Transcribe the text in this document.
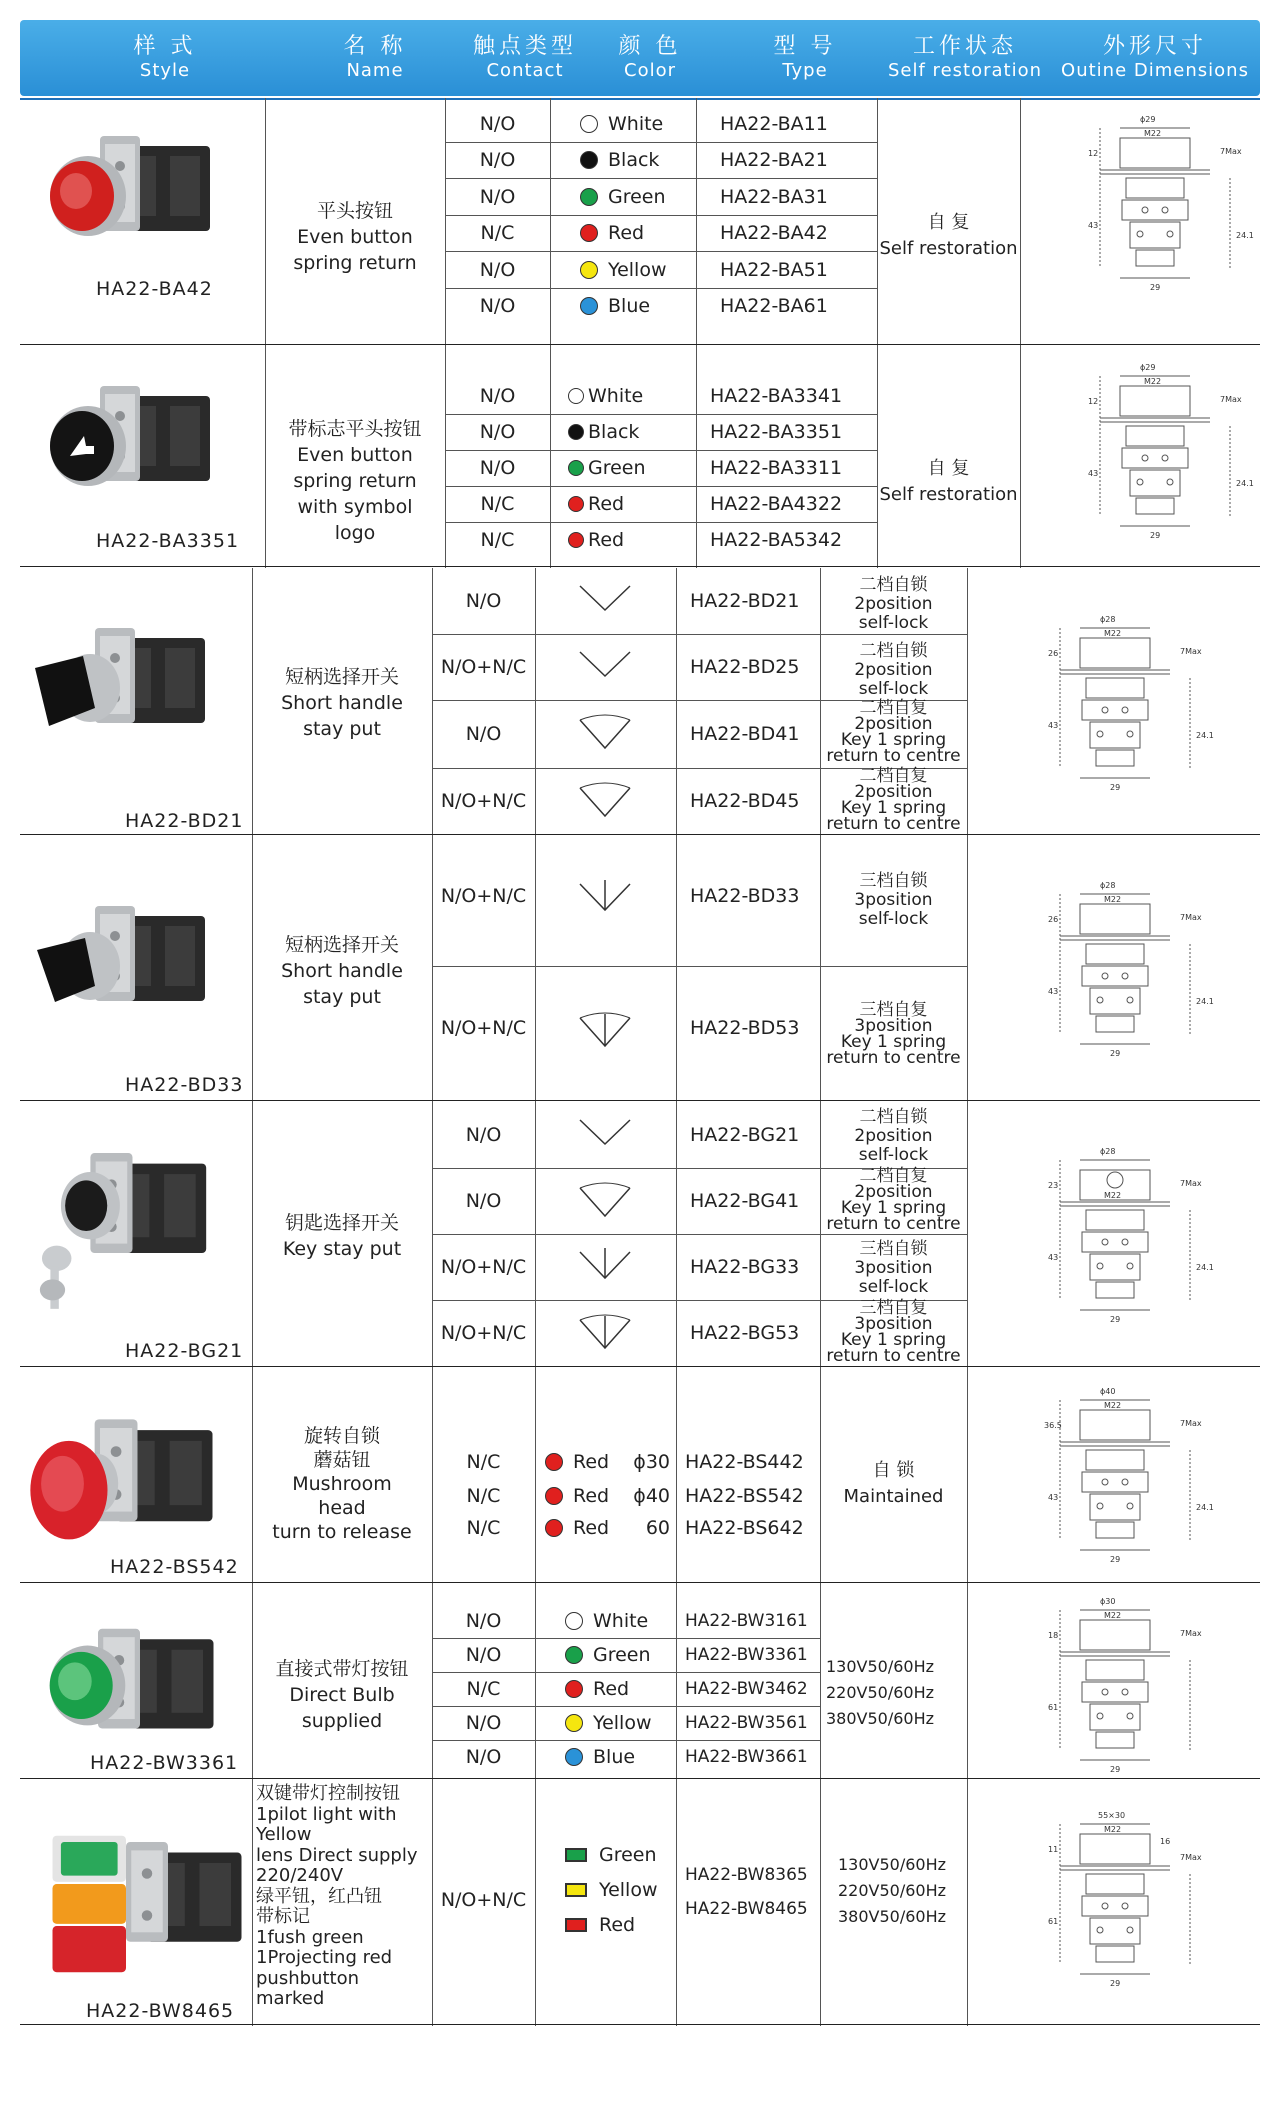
样 式
Style
名 称
Name
触点类型
Contact
颜 色
Color
型 号
Type
工作状态
Self restoration
外形尺寸
Outine Dimensions
HA22-BA42
平头按钮
Even button
spring return
N/O
N/O
N/O
N/C
N/O
N/O
White
Black
Green
Red
Yellow
Blue
HA22-BA11
HA22-BA21
HA22-BA31
HA22-BA42
HA22-BA51
HA22-BA61
自 复
Self restoration
ϕ29
M22
7Max
12
43
24.1
29
HA22-BA3351
带标志平头按钮
Even button
spring return
with symbol
logo
N/O
N/O
N/O
N/C
N/C
White
Black
Green
Red
Red
HA22-BA3341
HA22-BA3351
HA22-BA3311
HA22-BA4322
HA22-BA5342
自 复
Self restoration
ϕ29
M22
7Max
12
43
24.1
29
HA22-BD21
短柄选择开关
Short handle
stay put
N/O
N/O+N/C
N/O
N/O+N/C
HA22-BD21
HA22-BD25
HA22-BD41
HA22-BD45
二档自锁
2position
self-lock
二档自锁
2position
self-lock
二档自复
2position
Key 1 spring
return to centre
二档自复
2position
Key 1 spring
return to centre
ϕ28
M22
7Max
26
43
24.1
29
HA22-BD33
短柄选择开关
Short handle
stay put
N/O+N/C
N/O+N/C
HA22-BD33
HA22-BD53
三档自锁
3position
self-lock
三档自复
3position
Key 1 spring
return to centre
ϕ28
M22
7Max
26
43
24.1
29
HA22-BG21
钥匙选择开关
Key stay put
N/O
N/O
N/O+N/C
N/O+N/C
HA22-BG21
HA22-BG41
HA22-BG33
HA22-BG53
二档自锁
2position
self-lock
二档自复
2position
Key 1 spring
return to centre
三档自锁
3position
self-lock
三档自复
3position
Key 1 spring
return to centre
ϕ28
M22
7Max
23
43
24.1
29
HA22-BS542
旋转自锁
蘑菇钮
Mushroom
head
turn to release
N/C
N/C
N/C
Red ϕ30
Red ϕ40
Red 60
HA22-BS442
HA22-BS542
HA22-BS642
自 锁
Maintained
ϕ40
M22
7Max
36.5
43
24.1
29
HA22-BW3361
直接式带灯按钮
Direct Bulb
supplied
N/O
N/O
N/C
N/O
N/O
White
Green
Red
Yellow
Blue
HA22-BW3161
HA22-BW3361
HA22-BW3462
HA22-BW3561
HA22-BW3661
130V50/60Hz
220V50/60Hz
380V50/60Hz
ϕ30
M22
7Max
18
61
29
HA22-BW8465
双键带灯控制按钮
1pilot light with
Yellow
lens Direct supply
220/240V
绿平钮，红凸钮
带标记
1fush green
1Projecting red
pushbutton
marked
N/O+N/C
Green
Yellow
Red
HA22-BW8365
HA22-BW8465
130V50/60Hz
220V50/60Hz
380V50/60Hz
55×30
M22
7Max
11
16
61
29
